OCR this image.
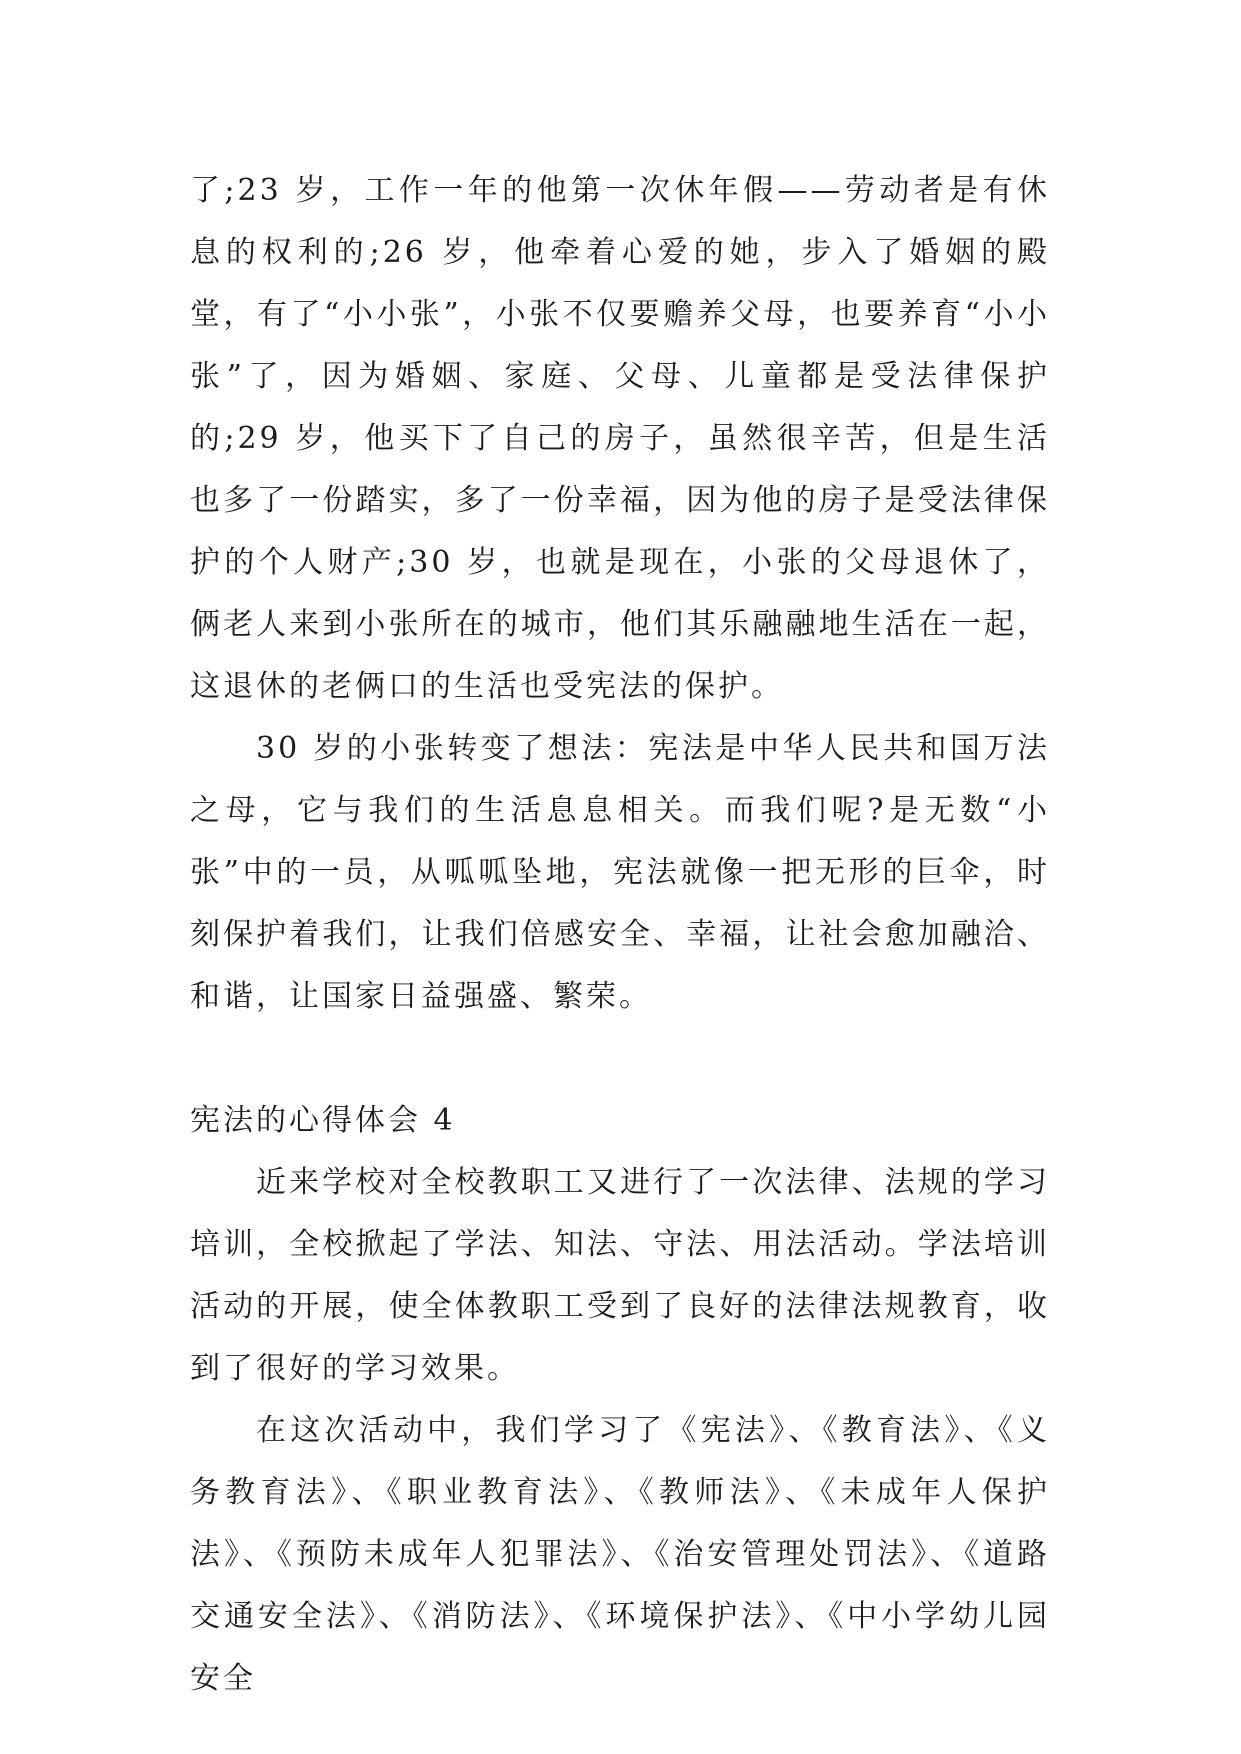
了;23 岁，工作一年的他第一次休年假——劳动者是有休息的权利的;26 岁，他牵着心爱的她，步入了婚姻的殿堂，有了“小小张”，小张不仅要赡养父母，也要养育“小小张”了，因为婚姻、家庭、父母、儿童都是受法律保护的;29 岁，他买下了自己的房子，虽然很辛苦，但是生活也多了一份踏实，多了一份幸福，因为他的房子是受法律保护的个人财产;30 岁，也就是现在，小张的父母退休了，俩老人来到小张所在的城市，他们其乐融融地生活在一起，这退休的老俩口的生活也受宪法的保护。

30 岁的小张转变了想法：宪法是中华人民共和国万法之母，它与我们的生活息息相关。而我们呢?是无数“小张”中的一员，从呱呱坠地，宪法就像一把无形的巨伞，时刻保护着我们，让我们倍感安全、幸福，让社会愈加融洽、和谐，让国家日益强盛、繁荣。

宪法的心得体会 4

近来学校对全校教职工又进行了一次法律、法规的学习培训，全校掀起了学法、知法、守法、用法活动。学法培训活动的开展，使全体教职工受到了良好的法律法规教育，收到了很好的学习效果。

在这次活动中，我们学习了《宪法》、《教育法》、《义务教育法》、《职业教育法》、《教师法》、《未成年人保护法》、《预防未成年人犯罪法》、《治安管理处罚法》、《道路交通安全法》、《消防法》、《环境保护法》、《中小学幼儿园安全
